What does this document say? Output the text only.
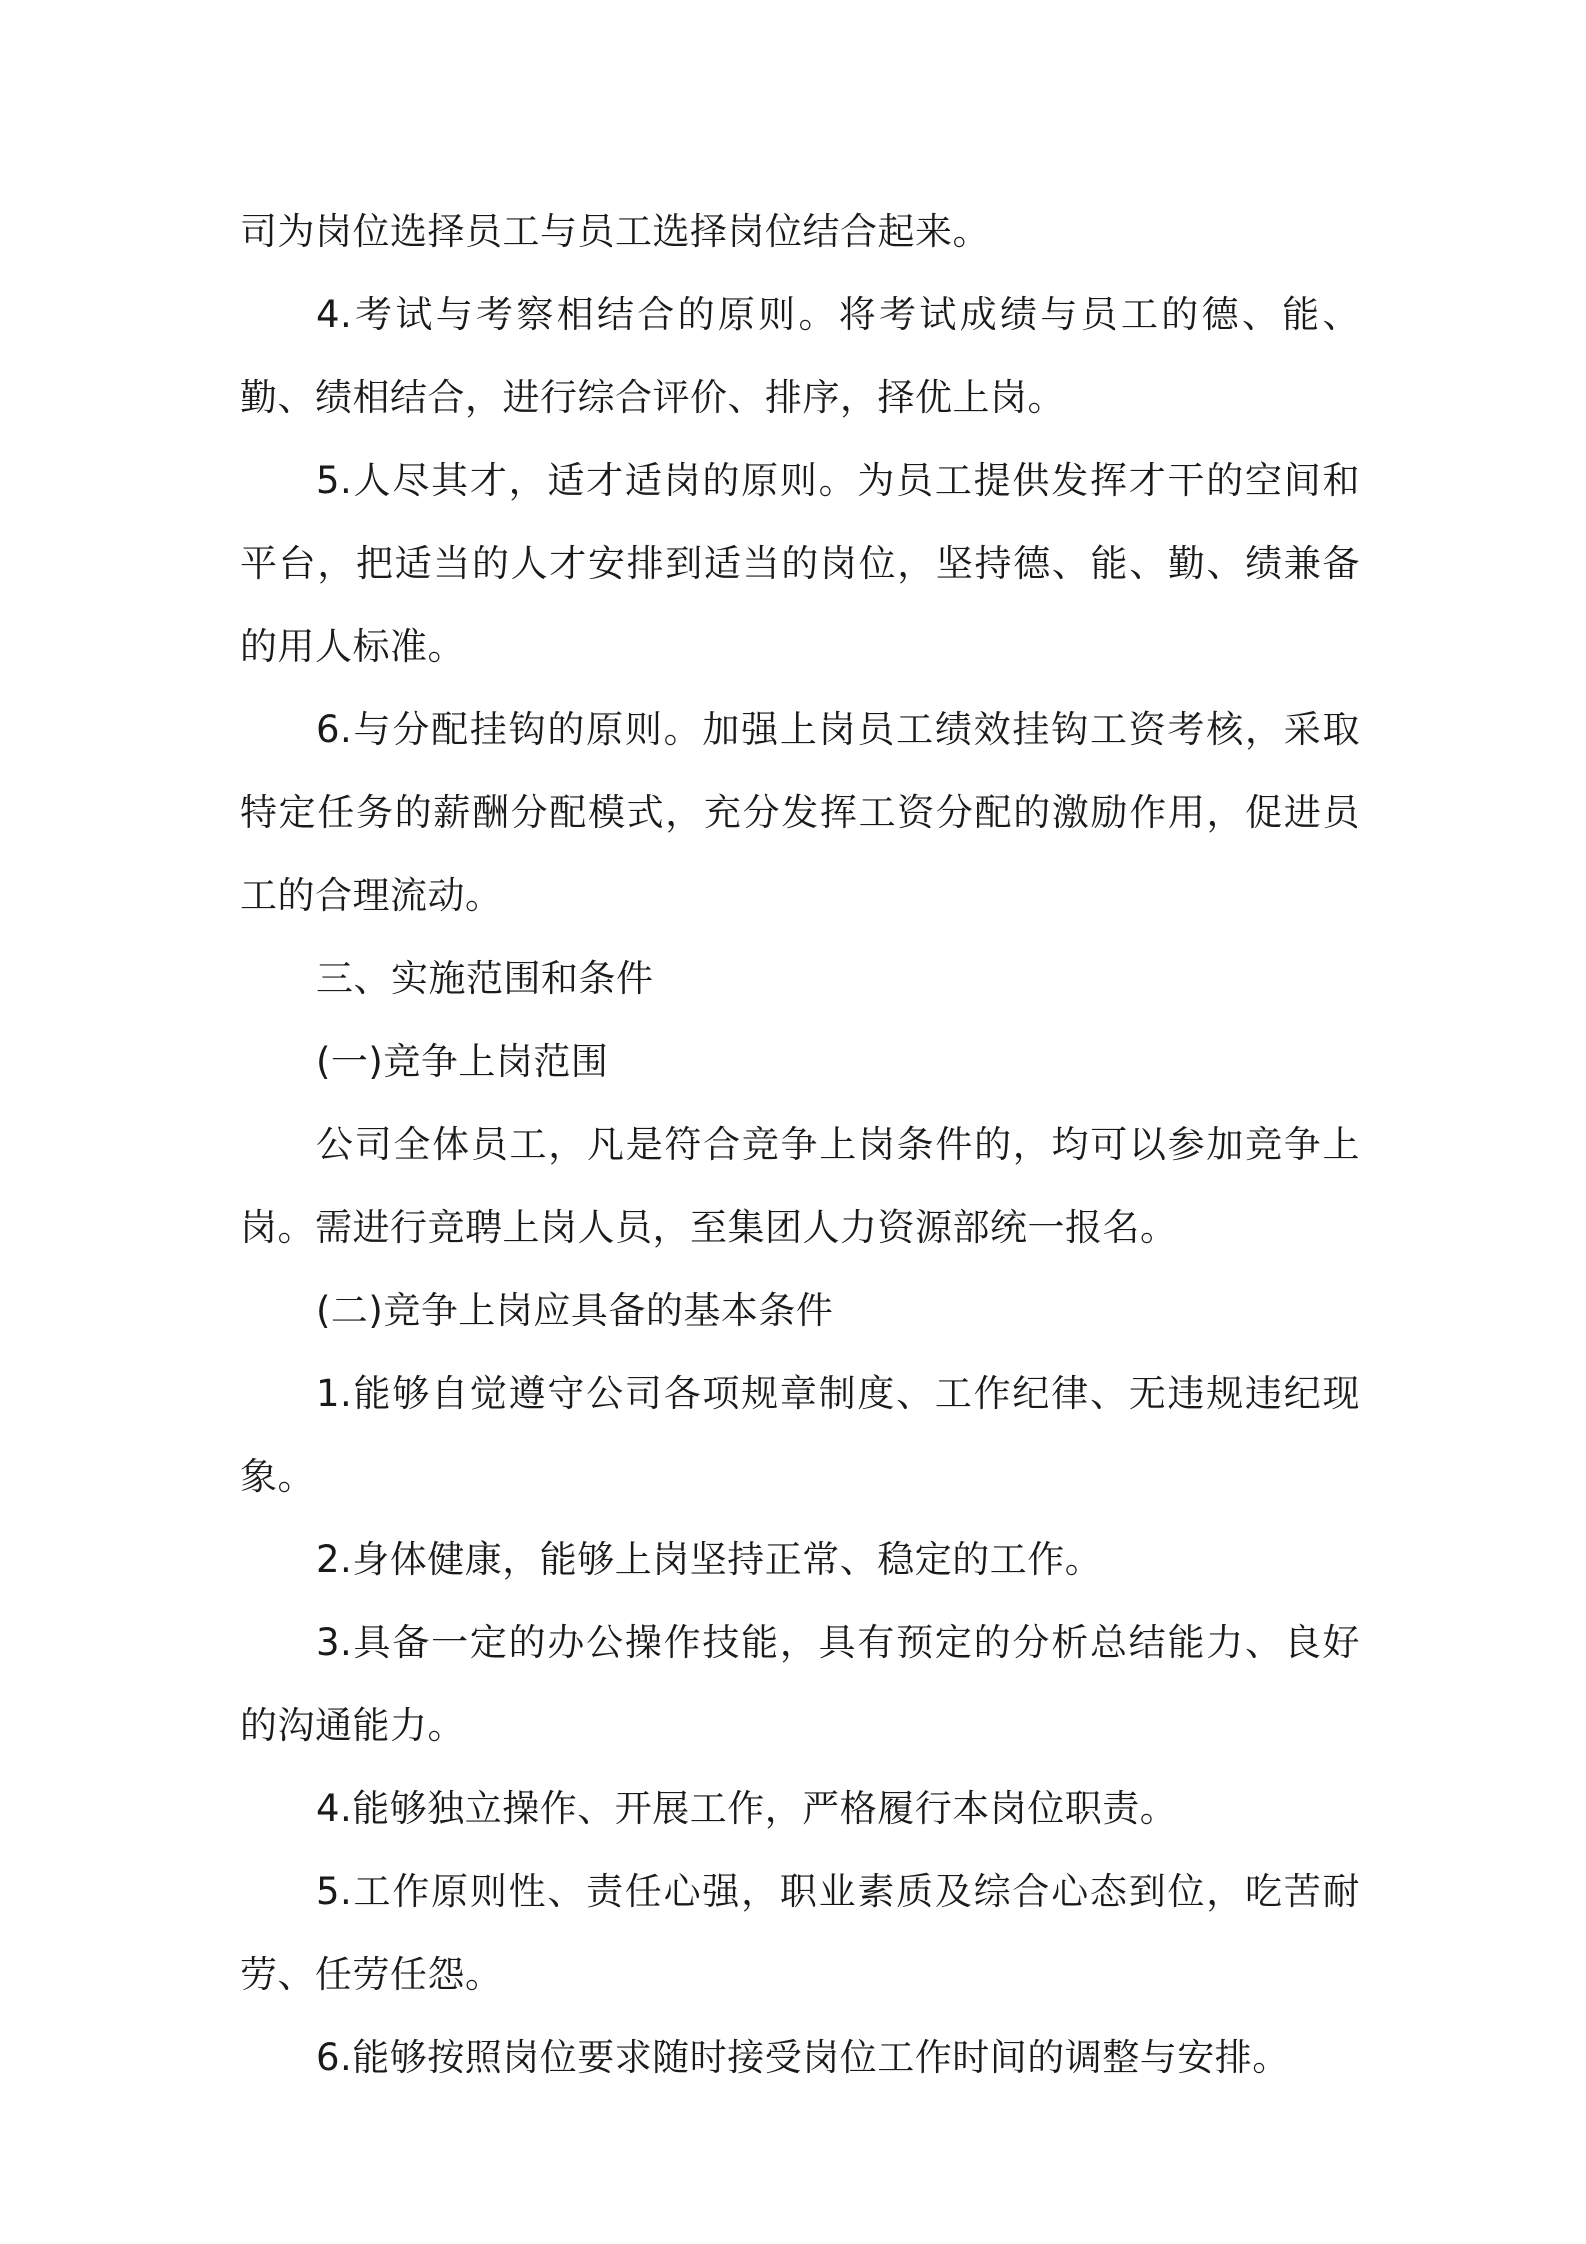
司为岗位选择员工与员工选择岗位结合起来。

4.考试与考察相结合的原则。将考试成绩与员工的德、能、勤、绩相结合，进行综合评价、排序，择优上岗。

5.人尽其才，适才适岗的原则。为员工提供发挥才干的空间和平台，把适当的人才安排到适当的岗位，坚持德、能、勤、绩兼备的用人标准。

6.与分配挂钩的原则。加强上岗员工绩效挂钩工资考核，采取特定任务的薪酬分配模式，充分发挥工资分配的激励作用，促进员工的合理流动。

三、实施范围和条件

(一)竞争上岗范围

公司全体员工，凡是符合竞争上岗条件的，均可以参加竞争上岗。需进行竞聘上岗人员，至集团人力资源部统一报名。

(二)竞争上岗应具备的基本条件

1.能够自觉遵守公司各项规章制度、工作纪律、无违规违纪现象。

2.身体健康，能够上岗坚持正常、稳定的工作。

3.具备一定的办公操作技能，具有预定的分析总结能力、良好的沟通能力。

4.能够独立操作、开展工作，严格履行本岗位职责。

5.工作原则性、责任心强，职业素质及综合心态到位，吃苦耐劳、任劳任怨。

6.能够按照岗位要求随时接受岗位工作时间的调整与安排。
